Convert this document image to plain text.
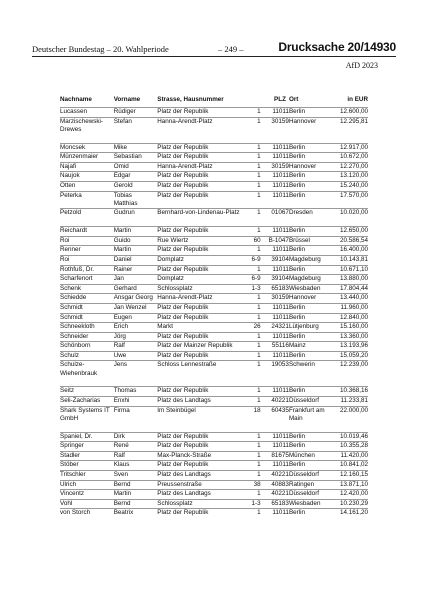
Deutscher Bundestag – 20. Wahlperiode	– 249 –	Drucksache 20/14930
AfD 2023
Nachname	Vorname	Strasse, Hausnummer		PLZ	Ort	in EUR
Lucassen	Rüdiger	Platz der Republik	1	11011	Berlin	12.600,00
Marzischewski-Drewes	Stefan	Hanna-Arendt-Platz	1	30159	Hannover	12.295,81

Moncsek	Mike	Platz der Republik	1	11011	Berlin	12.917,00
Münzenmaier	Sebastian	Platz der Republik	1	11011	Berlin	10.672,00
Najafi	Omid	Hanna-Arendt-Platz	1	30159	Hannover	12.270,00
Naujok	Edgar	Platz der Republik	1	11011	Berlin	13.120,00
Otten	Gerold	Platz der Republik	1	11011	Berlin	15.240,00
Peterka	Tobias Matthias	Platz der Republik	1	11011	Berlin	17.570,00
Petzold	Gudrun	Bernhard-von-Lindenau-Platz	1	01067	Dresden	10.020,00

Reichardt	Martin	Platz der Republik	1	11011	Berlin	12.650,00
Roi	Guido	Rue Wiertz	60	B-1047	Brüssel	20.586,54
Renner	Martin	Platz der Republik	1	11011	Berlin	16.400,00
Roi	Daniel	Domplatz	6-9	39104	Magdeburg	10.143,81
Rothfuß, Dr.	Rainer	Platz der Republik	1	11011	Berlin	10.671,10
Scharfenort	Jan	Domplatz	6-9	39104	Magdeburg	13.880,00
Schenk	Gerhard	Schlossplatz	1-3	65183	Wiesbaden	17.804,44
Schiedde	Ansgar Georg	Hanna-Arendt-Platz	1	30159	Hannover	13.440,00
Schmidt	Jan Wenzel	Platz der Republik	1	11011	Berlin	11.960,00
Schmidt	Eugen	Platz der Republik	1	11011	Berlin	12.840,00
Schneekloth	Erich	Markt	26	24321	Lütjenburg	15.160,00
Schneider	Jörg	Platz der Republik	1	11011	Berlin	13.360,00
Schönborn	Ralf	Platz der Mainzer Republik	1	55116	Mainz	13.193,96
Schulz	Uwe	Platz der Republik	1	11011	Berlin	15.059,20
Schulze-Wiehenbrauk	Jens	Schloss Lennestraße	1	19053	Schwerin	12.239,00

Seitz	Thomas	Platz der Republik	1	11011	Berlin	10.368,16
Seli-Zacharias	Enxhi	Platz des Landtags	1	40221	Düsseldorf	11.233,81
Shark Systems IT GmbH	Firma	Im Steinbügel	18	60435	Frankfurt am Main	22.000,00

Spaniel, Dr.	Dirk	Platz der Republik	1	11011	Berlin	10.019,46
Springer	René	Platz der Republik	1	11011	Berlin	10.355,28
Stadler	Ralf	Max-Planck-Straße	1	81675	München	11.420,00
Stöber	Klaus	Platz der Republik	1	11011	Berlin	10.841,02
Tritschler	Sven	Platz des Landtags	1	40221	Düsseldorf	12.160,15
Ulrich	Bernd	Preussenstraße	38	40883	Ratingen	13.871,10
Vincentz	Martin	Platz des Landtags	1	40221	Düsseldorf	12.420,00
Vohl	Bernd	Schlossplatz	1-3	65183	Wiesbaden	10.230,29
von Storch	Beatrix	Platz der Republik	1	11011	Berlin	14.161,20
